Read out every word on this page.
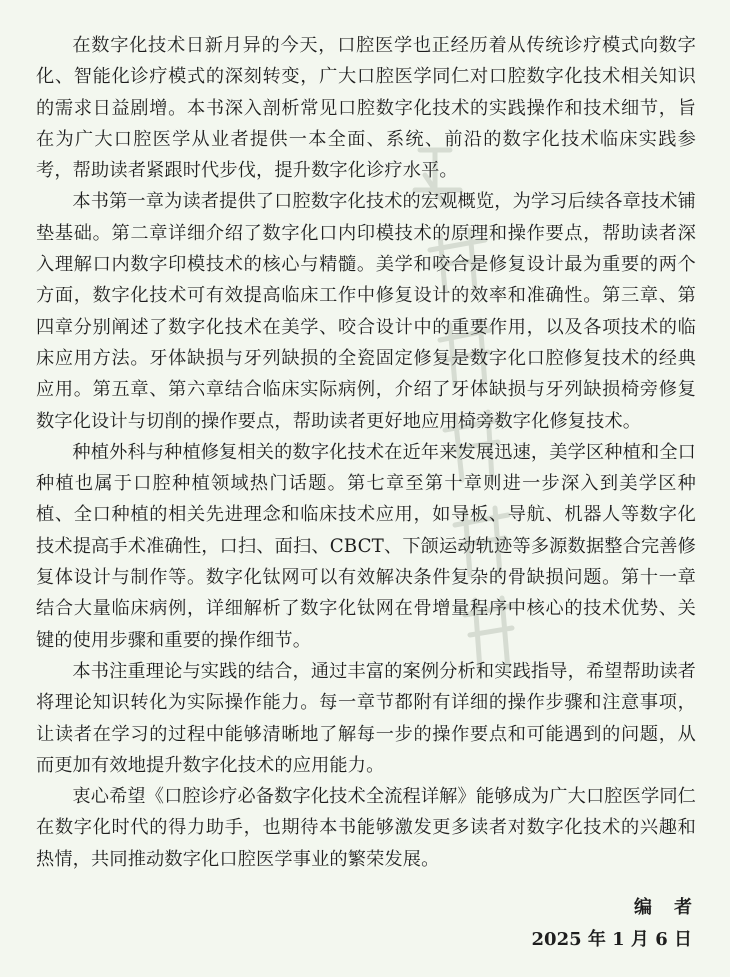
在数字化技术日新月异的今天，口腔医学也正经历着从传统诊疗模式向数字化、智能化诊疗模式的深刻转变，广大口腔医学同仁对口腔数字化技术相关知识的需求日益剧增。本书深入剖析常见口腔数字化技术的实践操作和技术细节，旨在为广大口腔医学从业者提供一本全面、系统、前沿的数字化技术临床实践参考，帮助读者紧跟时代步伐，提升数字化诊疗水平。

本书第一章为读者提供了口腔数字化技术的宏观概览，为学习后续各章技术铺垫基础。第二章详细介绍了数字化口内印模技术的原理和操作要点，帮助读者深入理解口内数字印模技术的核心与精髓。美学和咬合是修复设计最为重要的两个方面，数字化技术可有效提高临床工作中修复设计的效率和准确性。第三章、第四章分别阐述了数字化技术在美学、咬合设计中的重要作用，以及各项技术的临床应用方法。牙体缺损与牙列缺损的全瓷固定修复是数字化口腔修复技术的经典应用。第五章、第六章结合临床实际病例，介绍了牙体缺损与牙列缺损椅旁修复数字化设计与切削的操作要点，帮助读者更好地应用椅旁数字化修复技术。

种植外科与种植修复相关的数字化技术在近年来发展迅速，美学区种植和全口种植也属于口腔种植领域热门话题。第七章至第十章则进一步深入到美学区种植、全口种植的相关先进理念和临床技术应用，如导板、导航、机器人等数字化技术提高手术准确性，口扫、面扫、CBCT、下颌运动轨迹等多源数据整合完善修复体设计与制作等。数字化钛网可以有效解决条件复杂的骨缺损问题。第十一章结合大量临床病例，详细解析了数字化钛网在骨增量程序中核心的技术优势、关键的使用步骤和重要的操作细节。

本书注重理论与实践的结合，通过丰富的案例分析和实践指导，希望帮助读者将理论知识转化为实际操作能力。每一章节都附有详细的操作步骤和注意事项，让读者在学习的过程中能够清晰地了解每一步的操作要点和可能遇到的问题，从而更加有效地提升数字化技术的应用能力。

衷心希望《口腔诊疗必备数字化技术全流程详解》能够成为广大口腔医学同仁在数字化时代的得力助手，也期待本书能够激发更多读者对数字化技术的兴趣和热情，共同推动数字化口腔医学事业的繁荣发展。

编者
2025 年 1 月 6 日
